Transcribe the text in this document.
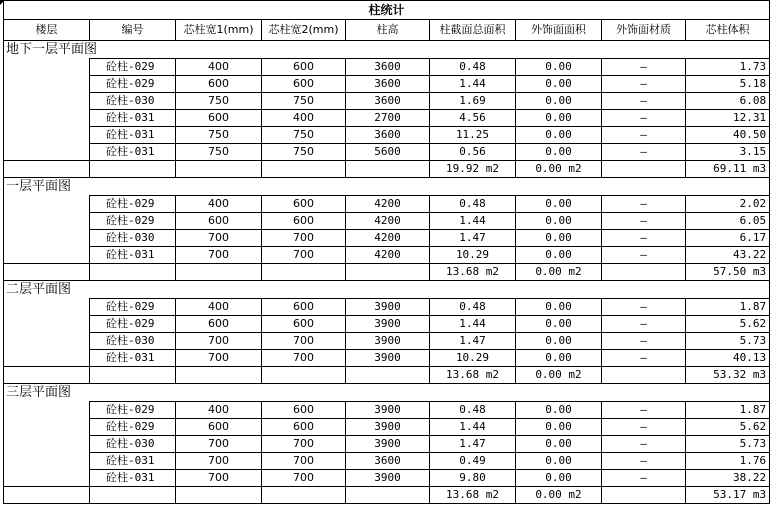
柱统计								
楼层	编号	芯柱宽1(mm)	芯柱宽2(mm)	柱高	柱截面总面积	外饰面面积	外饰面材质	芯柱体积
地下一层平面图								
	砼柱-029	400	600	3600	0.48	0.00	—	1.73
	砼柱-029	600	600	3600	1.44	0.00	—	5.18
	砼柱-030	750	750	3600	1.69	0.00	—	6.08
	砼柱-031	600	400	2700	4.56	0.00	—	12.31
	砼柱-031	750	750	3600	11.25	0.00	—	40.50
	砼柱-031	750	750	5600	0.56	0.00	—	3.15
					19.92 m2	0.00 m2		69.11 m3
一层平面图								
	砼柱-029	400	600	4200	0.48	0.00	—	2.02
	砼柱-029	600	600	4200	1.44	0.00	—	6.05
	砼柱-030	700	700	4200	1.47	0.00	—	6.17
	砼柱-031	700	700	4200	10.29	0.00	—	43.22
					13.68 m2	0.00 m2		57.50 m3
二层平面图								
	砼柱-029	400	600	3900	0.48	0.00	—	1.87
	砼柱-029	600	600	3900	1.44	0.00	—	5.62
	砼柱-030	700	700	3900	1.47	0.00	—	5.73
	砼柱-031	700	700	3900	10.29	0.00	—	40.13
					13.68 m2	0.00 m2		53.32 m3
三层平面图								
	砼柱-029	400	600	3900	0.48	0.00	—	1.87
	砼柱-029	600	600	3900	1.44	0.00	—	5.62
	砼柱-030	700	700	3900	1.47	0.00	—	5.73
	砼柱-031	700	700	3600	0.49	0.00	—	1.76
	砼柱-031	700	700	3900	9.80	0.00	—	38.22
					13.68 m2	0.00 m2		53.17 m3
